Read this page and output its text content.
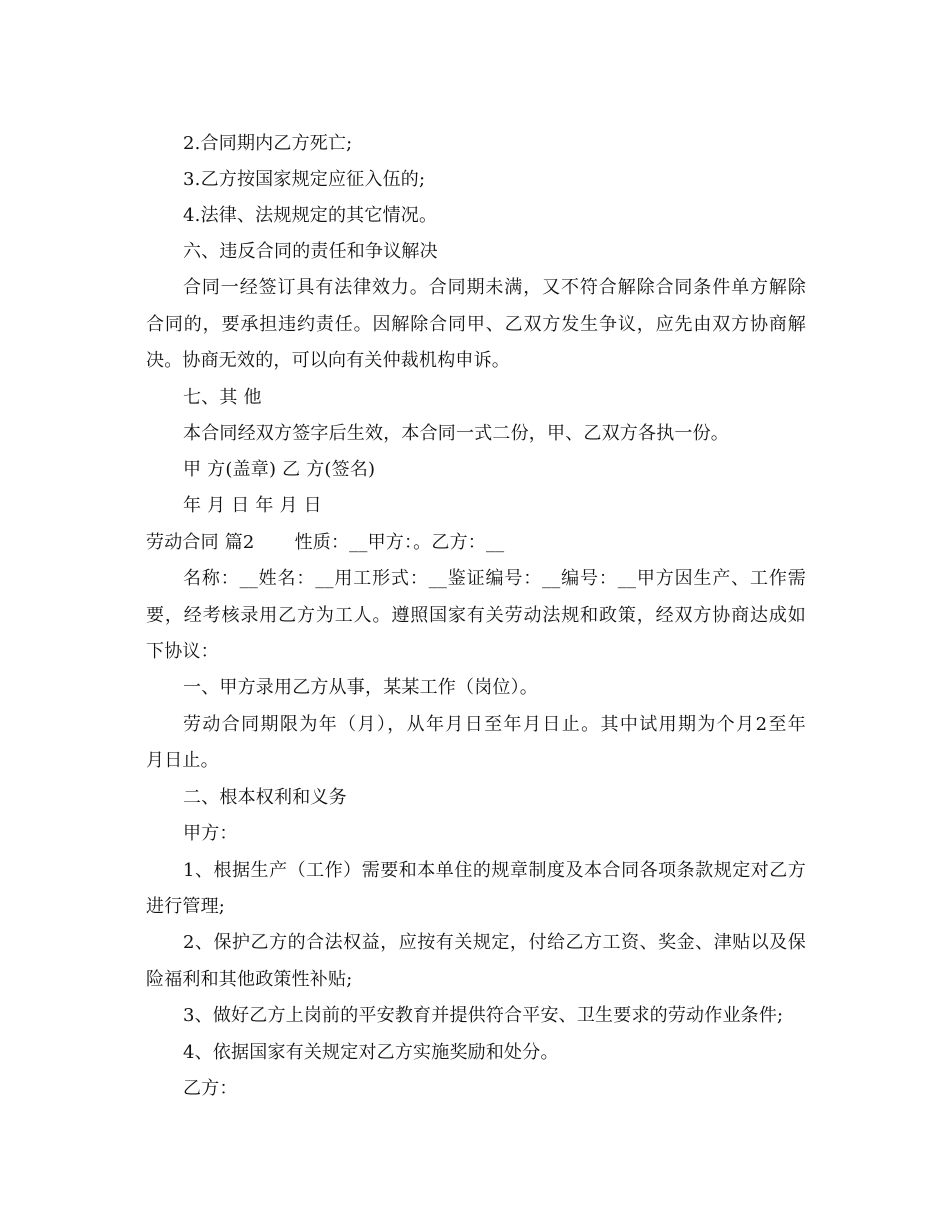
2.合同期内乙方死亡;
3.乙方按国家规定应征入伍的;
4.法律、法规规定的其它情况。
六、违反合同的责任和争议解决
合同一经签订具有法律效力。合同期未满，又不符合解除合同条件单方解除
合同的，要承担违约责任。因解除合同甲、乙双方发生争议，应先由双方协商解
决。协商无效的，可以向有关仲裁机构申诉。
七、其 他
本合同经双方签字后生效，本合同一式二份，甲、乙双方各执一份。
甲 方(盖章) 乙 方(签名)
年 月 日 年 月 日
劳动合同 篇2 性质：__甲方：。乙方：__
名称：__姓名：__用工形式：__鉴证编号：__编号：__甲方因生产、工作需
要，经考核录用乙方为工人。遵照国家有关劳动法规和政策，经双方协商达成如
下协议：
一、甲方录用乙方从事，某某工作（岗位）。
劳动合同期限为年（月），从年月日至年月日止。其中试用期为个月2至年
月日止。
二、根本权利和义务
甲方：
1、根据生产（工作）需要和本单住的规章制度及本合同各项条款规定对乙方
进行管理;
2、保护乙方的合法权益，应按有关规定，付给乙方工资、奖金、津贴以及保
险福利和其他政策性补贴;
3、做好乙方上岗前的平安教育并提供符合平安、卫生要求的劳动作业条件;
4、依据国家有关规定对乙方实施奖励和处分。
乙方：
